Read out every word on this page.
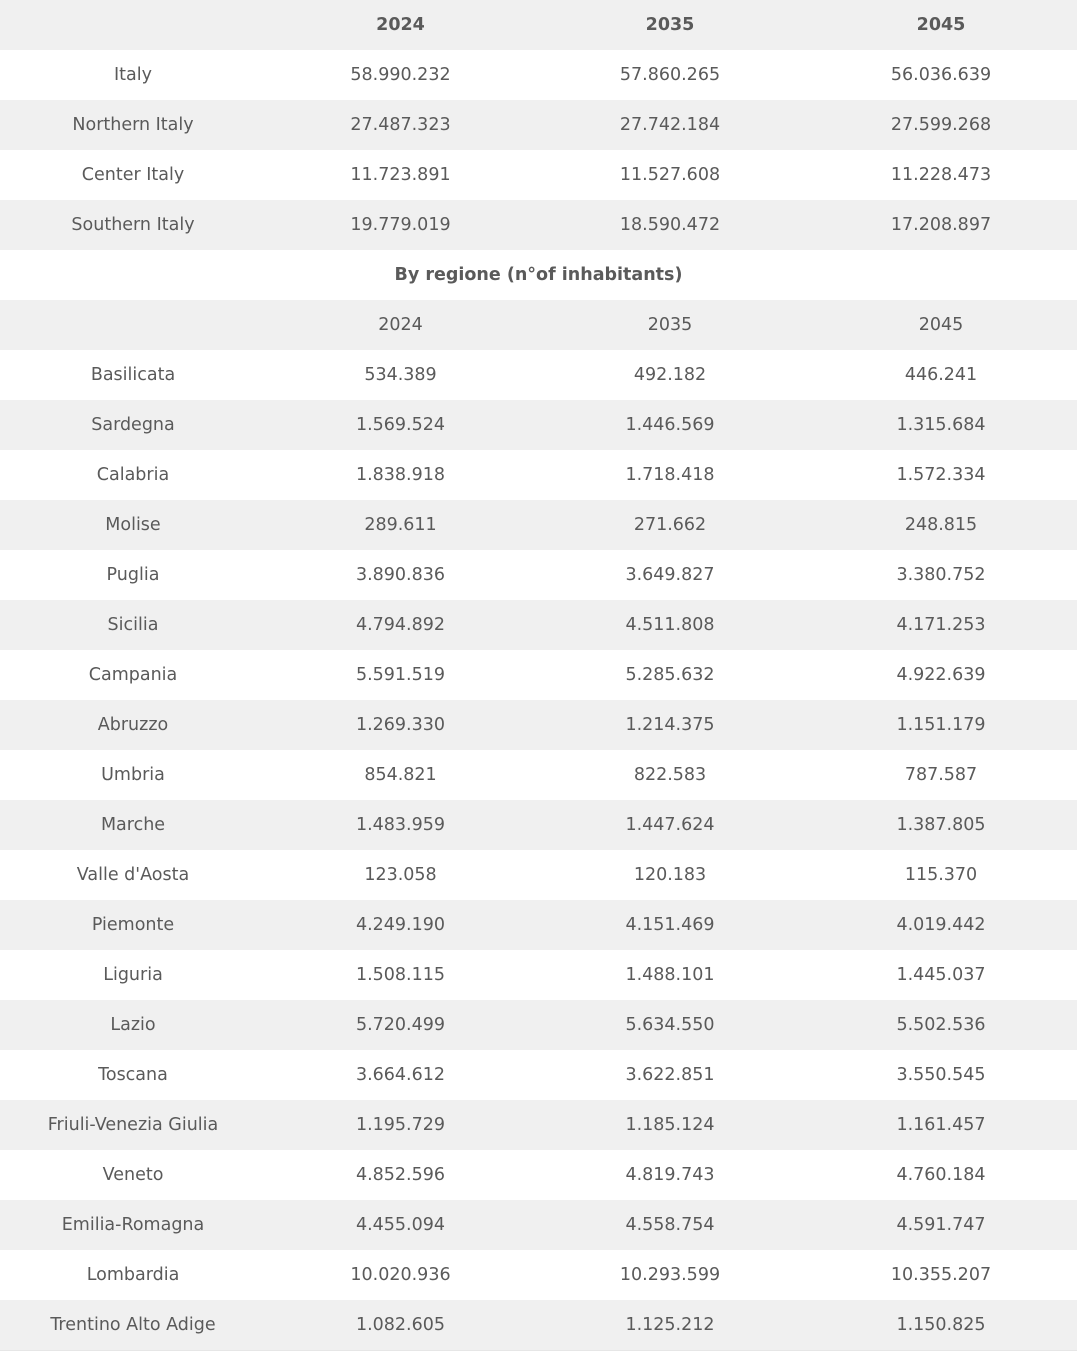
	2024	2035	2045
Italy	58.990.232	57.860.265	56.036.639
Northern Italy	27.487.323	27.742.184	27.599.268
Center Italy	11.723.891	11.527.608	11.228.473
Southern Italy	19.779.019	18.590.472	17.208.897
By regione (n°of inhabitants)			
	2024	2035	2045
Basilicata	534.389	492.182	446.241
Sardegna	1.569.524	1.446.569	1.315.684
Calabria	1.838.918	1.718.418	1.572.334
Molise	289.611	271.662	248.815
Puglia	3.890.836	3.649.827	3.380.752
Sicilia	4.794.892	4.511.808	4.171.253
Campania	5.591.519	5.285.632	4.922.639
Abruzzo	1.269.330	1.214.375	1.151.179
Umbria	854.821	822.583	787.587
Marche	1.483.959	1.447.624	1.387.805
Valle d'Aosta	123.058	120.183	115.370
Piemonte	4.249.190	4.151.469	4.019.442
Liguria	1.508.115	1.488.101	1.445.037
Lazio	5.720.499	5.634.550	5.502.536
Toscana	3.664.612	3.622.851	3.550.545
Friuli-Venezia Giulia	1.195.729	1.185.124	1.161.457
Veneto	4.852.596	4.819.743	4.760.184
Emilia-Romagna	4.455.094	4.558.754	4.591.747
Lombardia	10.020.936	10.293.599	10.355.207
Trentino Alto Adige	1.082.605	1.125.212	1.150.825
